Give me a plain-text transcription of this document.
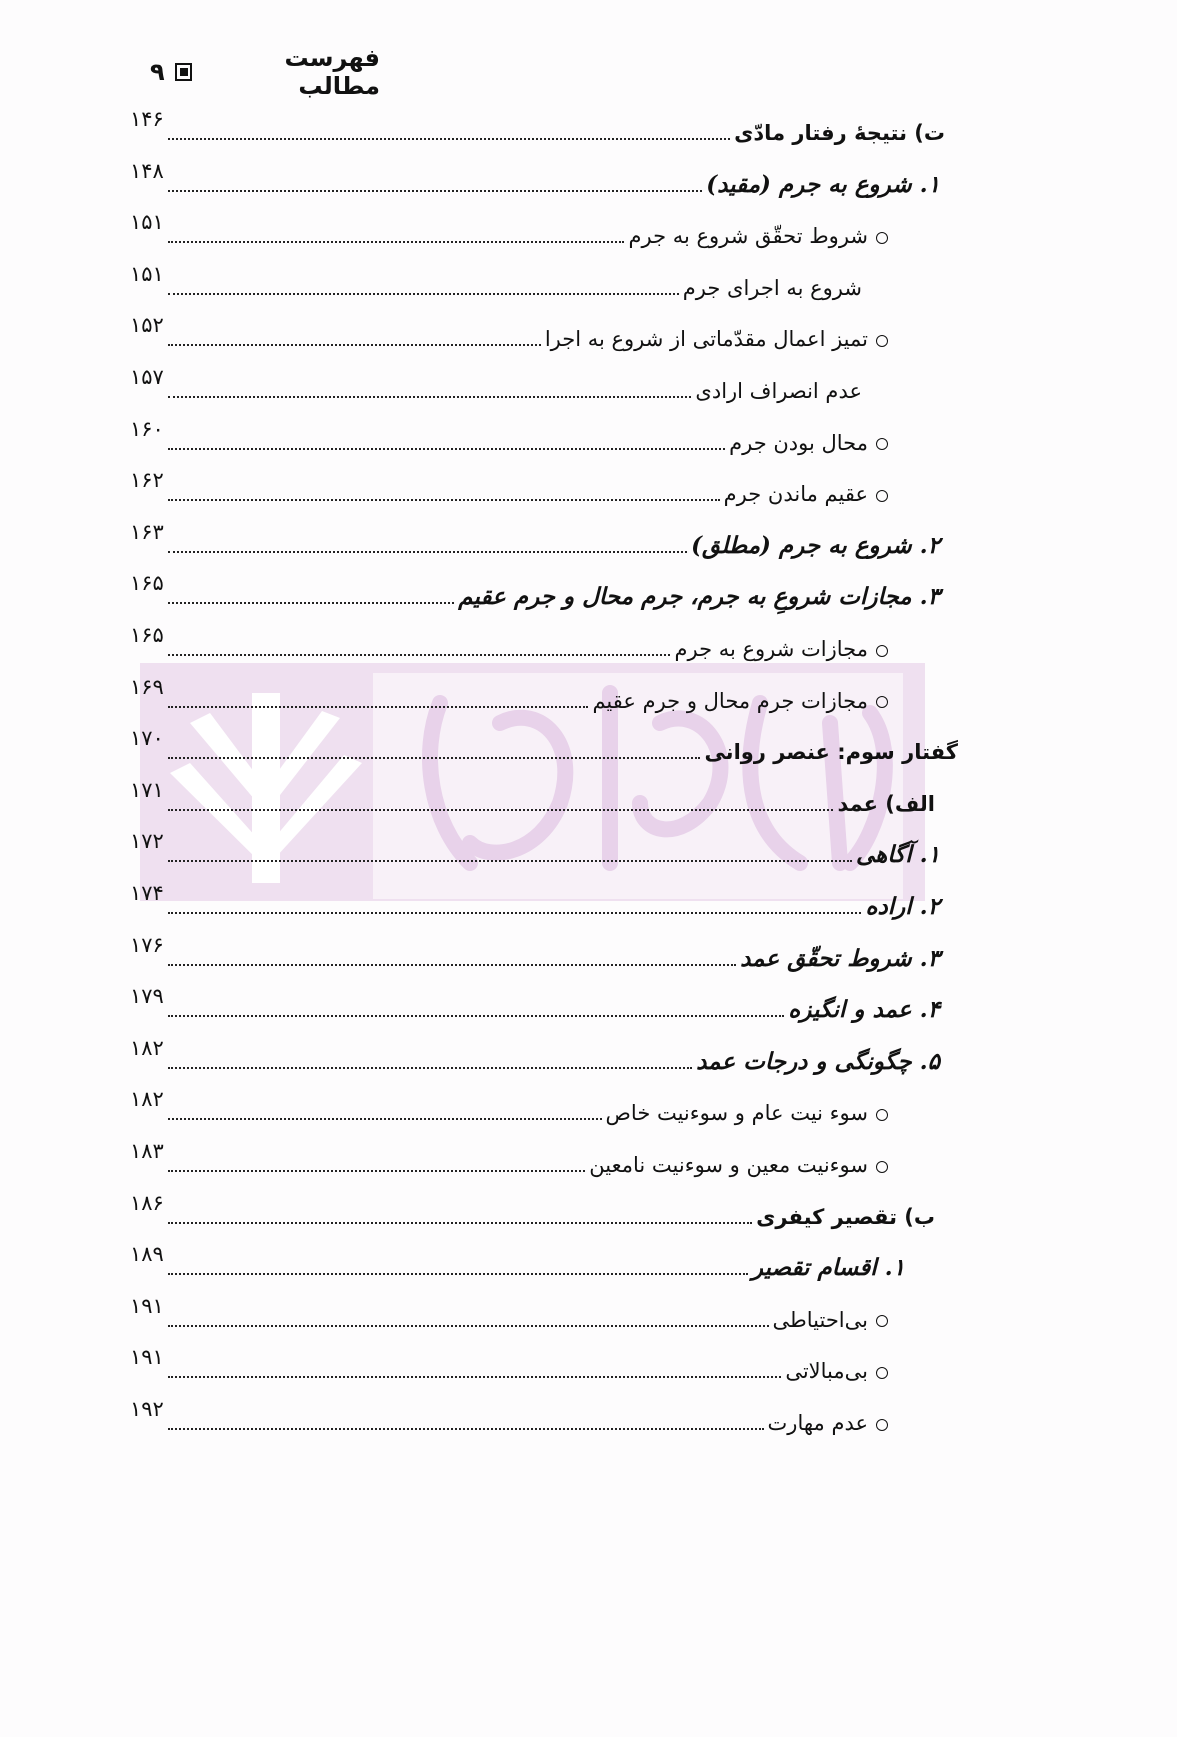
فهرست مطالب
۹
ت) نتیجهٔ رفتار مادّی
۱۴۶
۱. شروع به جرم (مقید)
۱۴۸
شروط تحقّق شروع به جرم
۱۵۱
شروع به اجرای جرم
۱۵۱
تمیز اعمال مقدّماتی از شروع به اجرا
۱۵۲
عدم انصراف ارادی
۱۵۷
محال بودن جرم
۱۶۰
عقیم ماندن جرم
۱۶۲
۲. شروع به جرم (مطلق)
۱۶۳
۳. مجازات شروعِ به جرم، جرم محال و جرم عقیم
۱۶۵
مجازات شروع به جرم
۱۶۵
مجازات جرم محال و جرم عقیم
۱۶۹
گفتار سوم: عنصر روانی
۱۷۰
الف) عمد
۱۷۱
۱. آگاهی
۱۷۲
۲. اراده
۱۷۴
۳. شروط تحقّق عمد
۱۷۶
۴. عمد و انگیزه
۱۷۹
۵. چگونگی و درجات عمد
۱۸۲
سوء نیت عام و سوءنیت خاص
۱۸۲
سوءنیت معین و سوءنیت نامعین
۱۸۳
ب) تقصیر کیفری
۱۸۶
۱. اقسام تقصیر
۱۸۹
بی‌احتیاطی
۱۹۱
بی‌مبالاتی
۱۹۱
عدم مهارت
۱۹۲
